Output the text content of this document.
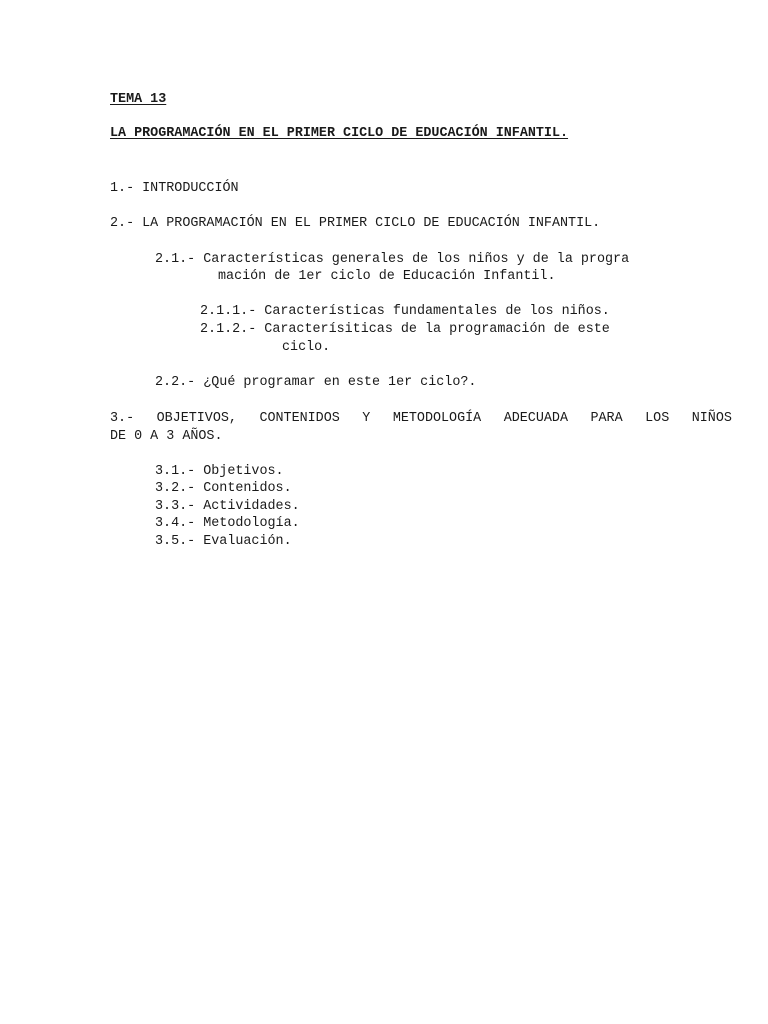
TEMA 13
LA PROGRAMACIÓN EN EL PRIMER CICLO DE EDUCACIÓN INFANTIL.
1.- INTRODUCCIÓN
2.- LA PROGRAMACIÓN EN EL PRIMER CICLO DE EDUCACIÓN INFANTIL.
2.1.- Características generales de los niños y de la progra
mación de 1er ciclo de Educación Infantil.
2.1.1.- Características fundamentales de los niños.
2.1.2.- Caracterísiticas de la programación de este
ciclo.
2.2.- ¿Qué programar en este 1er ciclo?.
3.- OBJETIVOS, CONTENIDOS Y METODOLOGÍA ADECUADA PARA LOS NIÑOS
DE 0 A 3 AÑOS.
3.1.- Objetivos.
3.2.- Contenidos.
3.3.- Actividades.
3.4.- Metodología.
3.5.- Evaluación.
